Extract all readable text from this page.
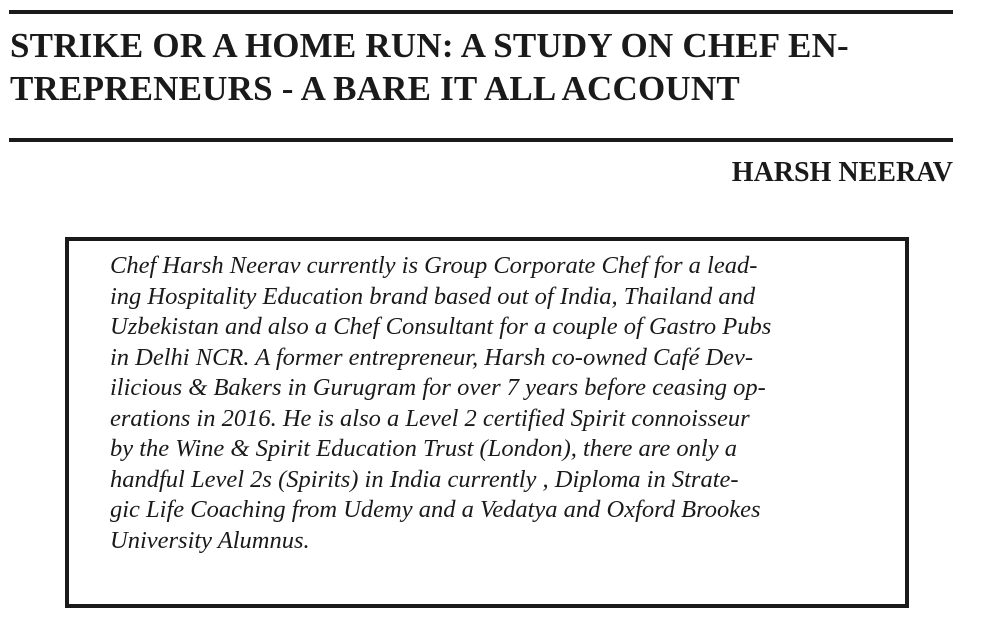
STRIKE OR A HOME RUN: A STUDY ON CHEF EN-
TREPRENEURS - A BARE IT ALL ACCOUNT

HARSH NEERAV

Chef Harsh Neerav currently is Group Corporate Chef for a lead-
ing Hospitality Education brand based out of India, Thailand and
Uzbekistan and also a Chef Consultant for a couple of Gastro Pubs
in Delhi NCR. A former entrepreneur, Harsh co-owned Café Dev-
ilicious & Bakers in Gurugram for over 7 years before ceasing op-
erations in 2016. He is also a Level 2 certified Spirit connoisseur
by the Wine & Spirit Education Trust (London), there are only a
handful Level 2s (Spirits) in India currently , Diploma in Strate-
gic Life Coaching from Udemy and a Vedatya and Oxford Brookes
University Alumnus.
